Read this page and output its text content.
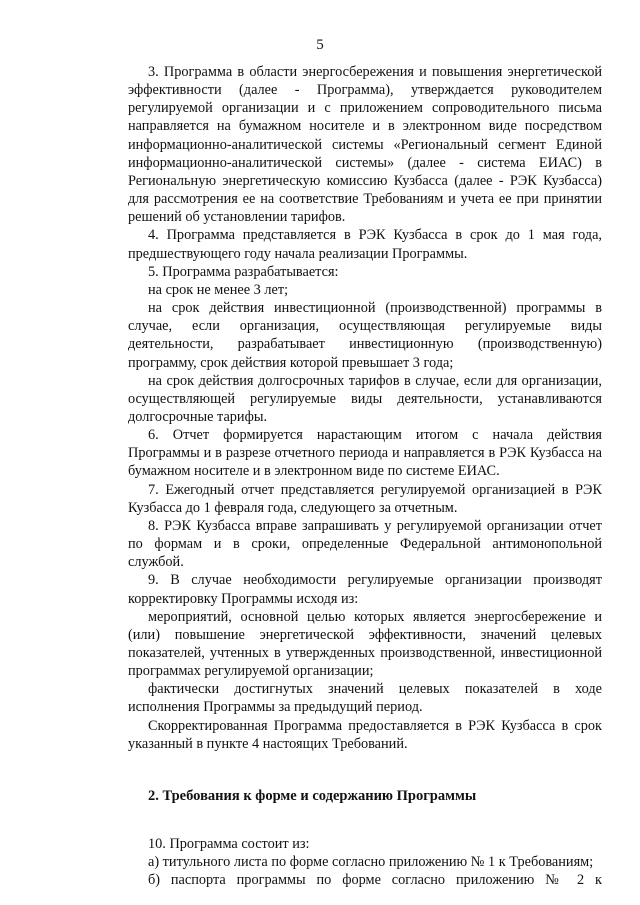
5

3. Программа в области энергосбережения и повышения энергетической эффективности (далее - Программа), утверждается руководителем регулируемой организации и с приложением сопроводительного письма направляется на бумажном носителе и в электронном виде посредством информационно-аналитической системы «Региональный сегмент Единой информационно-аналитической системы» (далее - система ЕИАС) в Региональную энергетическую комиссию Кузбасса (далее - РЭК Кузбасса) для рассмотрения ее на соответствие Требованиям и учета ее при принятии решений об установлении тарифов.

4. Программа представляется в РЭК Кузбасса в срок до 1 мая года, предшествующего году начала реализации Программы.

5. Программа разрабатывается:

на срок не менее 3 лет;

на срок действия инвестиционной (производственной) программы в случае, если организация, осуществляющая регулируемые виды деятельности, разрабатывает инвестиционную (производственную) программу, срок действия которой превышает 3 года;

на срок действия долгосрочных тарифов в случае, если для организации, осуществляющей регулируемые виды деятельности, устанавливаются долгосрочные тарифы.

6. Отчет формируется нарастающим итогом с начала действия Программы и в разрезе отчетного периода и направляется в РЭК Кузбасса на бумажном носителе и в электронном виде по системе ЕИАС.

7. Ежегодный отчет представляется регулируемой организацией в РЭК Кузбасса до 1 февраля года, следующего за отчетным.

8. РЭК Кузбасса вправе запрашивать у регулируемой организации отчет по формам и в сроки, определенные Федеральной антимонопольной службой.

9. В случае необходимости регулируемые организации производят корректировку Программы исходя из:

мероприятий, основной целью которых является энергосбережение и (или) повышение энергетической эффективности, значений целевых показателей, учтенных в утвержденных производственной, инвестиционной программах регулируемой организации;

фактически достигнутых значений целевых показателей в ходе исполнения Программы за предыдущий период.

Скорректированная Программа предоставляется в РЭК Кузбасса в срок указанный в пункте 4 настоящих Требований.

2. Требования к форме и содержанию Программы

10. Программа состоит из:

а) титульного листа по форме согласно приложению № 1 к Требованиям;

б) паспорта программы по форме согласно приложению № 2 к
